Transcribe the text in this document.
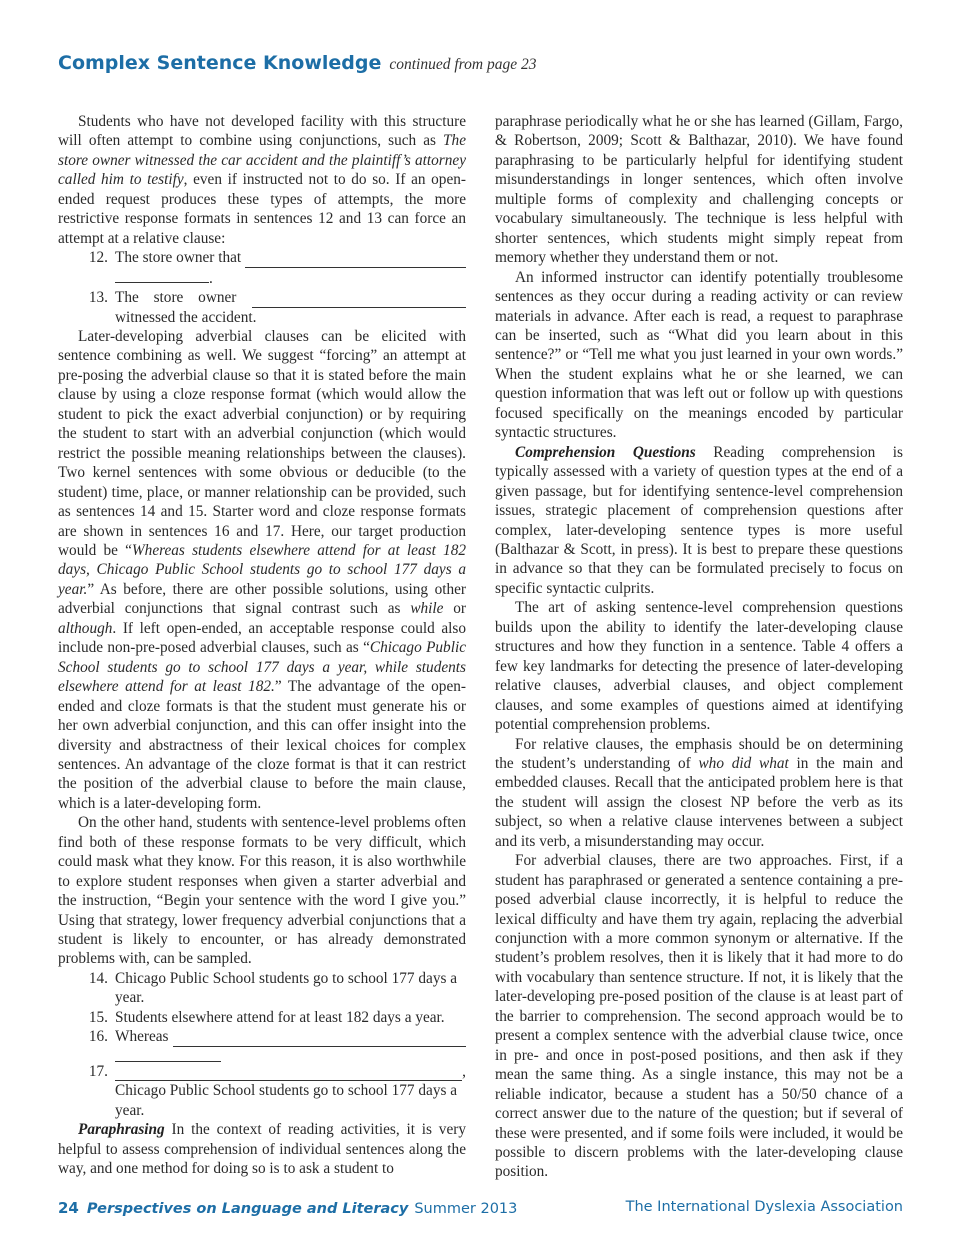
Complex Sentence Knowledge continued from page 23

Students who have not developed facility with this structure will often attempt to combine using conjunctions, such as The store owner witnessed the car accident and the plaintiff’s attorney called him to testify, even if instructed not to do so. If an open-ended request produces these types of attempts, the more restrictive response formats in sentences 12 and 13 can force an attempt at a relative clause:

12. The store owner that
.
13. The store owner
witnessed the accident.

Later-developing adverbial clauses can be elicited with sentence combining as well. We suggest “forcing” an attempt at pre-posing the adverbial clause so that it is stated before the main clause by using a cloze response format (which would allow the student to pick the exact adverbial conjunction) or by requiring the student to start with an adverbial conjunction (which would restrict the possible meaning relationships between the clauses). Two kernel sentences with some obvious or deducible (to the student) time, place, or manner relationship can be provided, such as sentences 14 and 15. Starter word and cloze response formats are shown in sentences 16 and 17. Here, our target production would be “Whereas students elsewhere attend for at least 182 days, Chicago Public School students go to school 177 days a year.” As before, there are other possible solutions, using other adverbial conjunctions that signal contrast such as while or although. If left open-ended, an acceptable response could also include non-pre-posed adverbial clauses, such as “Chicago Public School students go to school 177 days a year, while students elsewhere attend for at least 182.” The advantage of the open-ended and cloze formats is that the student must generate his or her own adverbial conjunction, and this can offer insight into the diversity and abstractness of their lexical choices for complex sentences. An advantage of the cloze format is that it can restrict the position of the adverbial clause to before the main clause, which is a later-developing form.

On the other hand, students with sentence-level problems often find both of these response formats to be very difficult, which could mask what they know. For this reason, it is also worthwhile to explore student responses when given a starter adverbial and the instruction, “Begin your sentence with the word I give you.” Using that strategy, lower frequency adverbial conjunctions that a student is likely to encounter, or has already demonstrated problems with, can be sampled.

14. Chicago Public School students go to school 177 days a year.
15. Students elsewhere attend for at least 182 days a year.
16. Whereas
17.	,
Chicago Public School students go to school 177 days a year.

Paraphrasing In the context of reading activities, it is very helpful to assess comprehension of individual sentences along the way, and one method for doing so is to ask a student to

paraphrase periodically what he or she has learned (Gillam, Fargo, & Robertson, 2009; Scott & Balthazar, 2010). We have found paraphrasing to be particularly helpful for identifying student misunderstandings in longer sentences, which often involve multiple forms of complexity and challenging concepts or vocabulary simultaneously. The technique is less helpful with shorter sentences, which students might simply repeat from memory whether they understand them or not.

An informed instructor can identify potentially troublesome sentences as they occur during a reading activity or can review materials in advance. After each is read, a request to paraphrase can be inserted, such as “What did you learn about in this sentence?” or “Tell me what you just learned in your own words.” When the student explains what he or she learned, we can question information that was left out or follow up with questions focused specifically on the meanings encoded by particular syntactic structures.

Comprehension Questions Reading comprehension is typically assessed with a variety of question types at the end of a given passage, but for identifying sentence-level comprehension issues, strategic placement of comprehension questions after complex, later-developing sentence types is more useful (Balthazar & Scott, in press). It is best to prepare these questions in advance so that they can be formulated precisely to focus on specific syntactic culprits.

The art of asking sentence-level comprehension questions builds upon the ability to identify the later-developing clause structures and how they function in a sentence. Table 4 offers a few key landmarks for detecting the presence of later-developing relative clauses, adverbial clauses, and object complement clauses, and some examples of questions aimed at identifying potential comprehension problems.

For relative clauses, the emphasis should be on determining the student’s understanding of who did what in the main and embedded clauses. Recall that the anticipated problem here is that the student will assign the closest NP before the verb as its subject, so when a relative clause intervenes between a subject and its verb, a misunderstanding may occur.

For adverbial clauses, there are two approaches. First, if a student has paraphrased or generated a sentence containing a pre-posed adverbial clause incorrectly, it is helpful to reduce the lexical difficulty and have them try again, replacing the adverbial conjunction with a more common synonym or alternative. If the student’s problem resolves, then it is likely that it had more to do with vocabulary than sentence structure. If not, it is likely that the later-developing pre-posed position of the clause is at least part of the barrier to comprehension. The second approach would be to present a complex sentence with the adverbial clause twice, once in pre- and once in post-posed positions, and then ask if they mean the same thing. As a single instance, this may not be a reliable indicator, because a student has a 50/50 chance of a correct answer due to the nature of the question; but if several of these were presented, and if some foils were included, it would be possible to discern problems with the later-developing clause position.

24 Perspectives on Language and Literacy Summer 2013	The International Dyslexia Association
